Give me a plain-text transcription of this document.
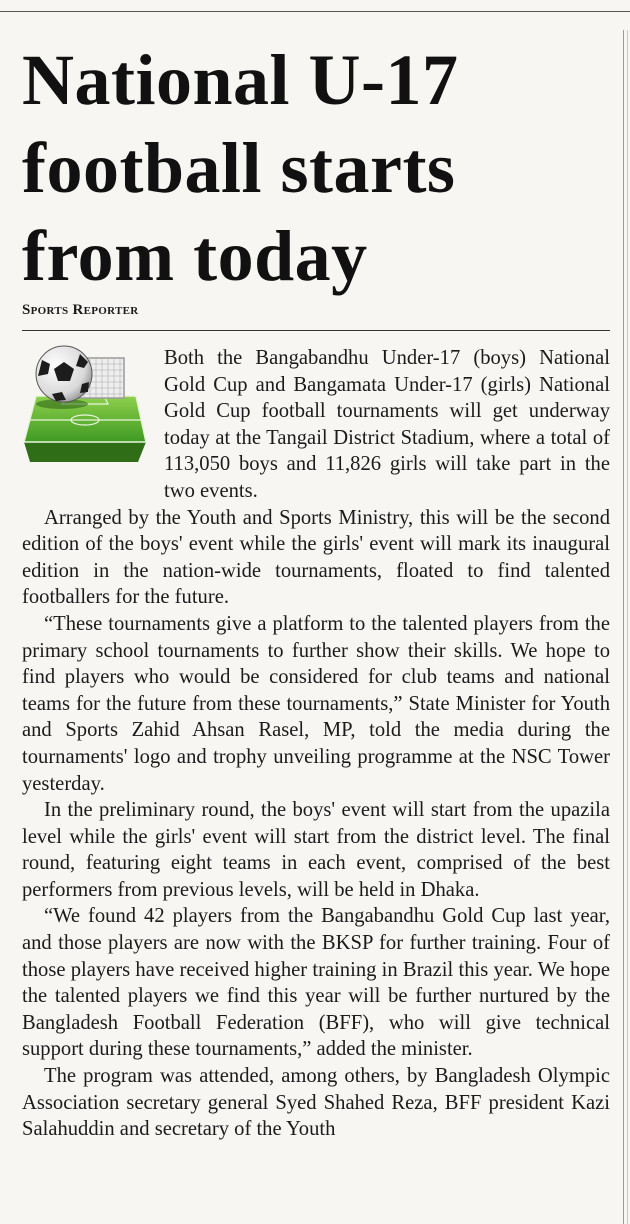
National U-17 football starts from today
Sports Reporter

Both the Bangabandhu Under-17 (boys) National Gold Cup and Bangamata Under-17 (girls) National Gold Cup football tournaments will get underway today at the Tangail District Stadium, where a total of 113,050 boys and 11,826 girls will take part in the two events.

Arranged by the Youth and Sports Ministry, this will be the second edition of the boys' event while the girls' event will mark its inaugural edition in the nation-wide tournaments, floated to find talented footballers for the future.

“These tournaments give a platform to the talented players from the primary school tournaments to further show their skills. We hope to find players who would be considered for club teams and national teams for the future from these tournaments,” State Minister for Youth and Sports Zahid Ahsan Rasel, MP, told the media during the tournaments' logo and trophy unveiling programme at the NSC Tower yesterday.

In the preliminary round, the boys' event will start from the upazila level while the girls' event will start from the district level. The final round, featuring eight teams in each event, comprised of the best performers from previous levels, will be held in Dhaka.

“We found 42 players from the Bangabandhu Gold Cup last year, and those players are now with the BKSP for further training. Four of those players have received higher training in Brazil this year. We hope the talented players we find this year will be further nurtured by the Bangladesh Football Federation (BFF), who will give technical support during these tournaments,” added the minister.

The program was attended, among others, by Bangladesh Olympic Association secretary general Syed Shahed Reza, BFF president Kazi Salahuddin and secretary of the Youth
